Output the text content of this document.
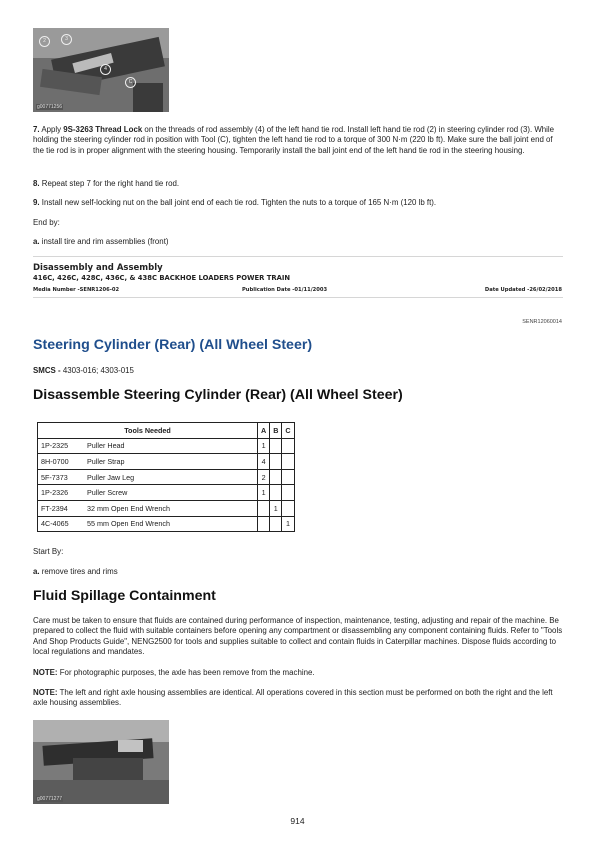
2	3
4
C
g00771256

7. Apply 9S-3263 Thread Lock on the threads of rod assembly (4) of the left hand tie rod. Install left hand tie rod (2) in steering cylinder rod (3). While holding the steering cylinder rod in position with Tool (C), tighten the left hand tie rod to a torque of 300 N·m (220 lb ft). Make sure the ball joint end of the tie rod is in proper alignment with the steering housing. Temporarily install the ball joint end of the left hand tie rod in the steering housing.

8. Repeat step 7 for the right hand tie rod.

9. Install new self-locking nut on the ball joint end of each tie rod. Tighten the nuts to a torque of 165 N·m (120 lb ft).

End by:

a. install tire and rim assemblies (front)

Disassembly and Assembly
416C, 426C, 428C, 436C, & 438C BACKHOE LOADERS POWER TRAIN
Media Number -SENR1206-02	Publication Date -01/11/2003	Date Updated -26/02/2018
SENR12060014
Steering Cylinder (Rear) (All Wheel Steer)

SMCS - 4303-016; 4303-015

Disassemble Steering Cylinder (Rear) (All Wheel Steer)
Tools Needed		A	B	C
1P-2325	Puller Head	1		
8H-0700	Puller Strap	4		
5F-7373	Puller Jaw Leg	2		
1P-2326	Puller Screw	1		
FT-2394	32 mm Open End Wrench		1	
4C-4065	55 mm Open End Wrench			1

Start By:

a. remove tires and rims

Fluid Spillage Containment

Care must be taken to ensure that fluids are contained during performance of inspection, maintenance, testing, adjusting and repair of the machine. Be prepared to collect the fluid with suitable containers before opening any compartment or disassembling any component containing fluids. Refer to "Tools And Shop Products Guide", NENG2500 for tools and supplies suitable to collect and contain fluids in Caterpillar machines. Dispose fluids according to local regulations and mandates.

NOTE: For photographic purposes, the axle has been remove from the machine.

NOTE: The left and right axle housing assemblies are identical. All operations covered in this section must be performed on both the right and the left axle housing assemblies.

g00771277
914
